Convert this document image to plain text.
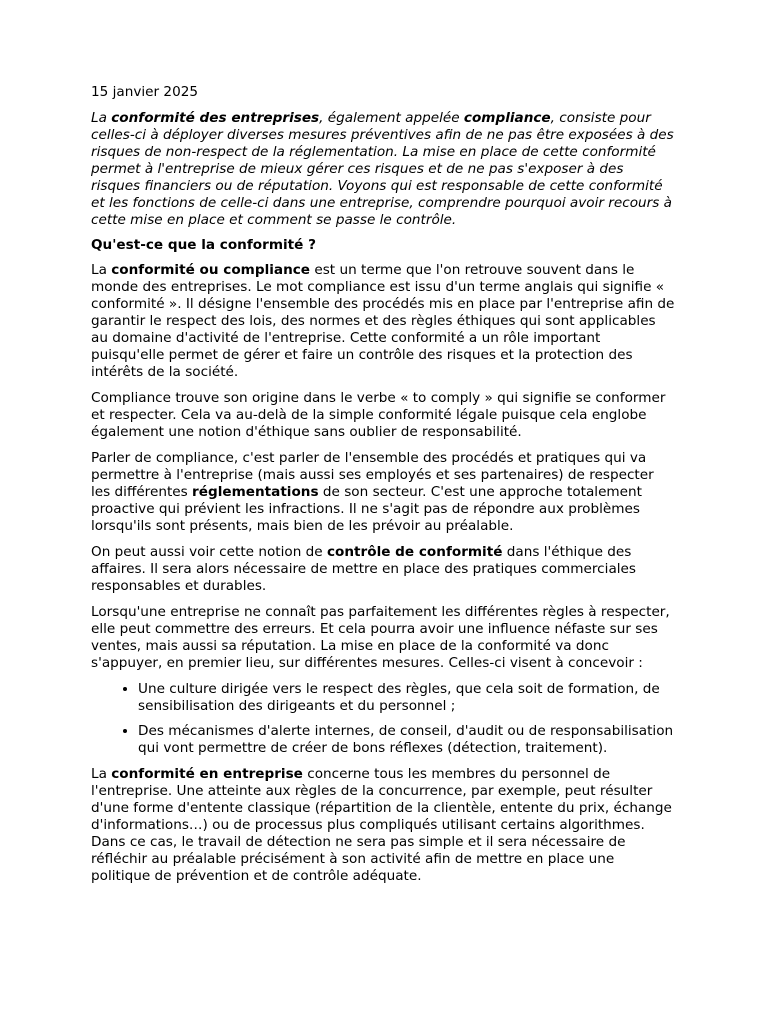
15 janvier 2025

La conformité des entreprises, également appelée compliance, consiste pour celles-ci à déployer diverses mesures préventives afin de ne pas être exposées à des risques de non-respect de la réglementation. La mise en place de cette conformité permet à l'entreprise de mieux gérer ces risques et de ne pas s'exposer à des risques financiers ou de réputation. Voyons qui est responsable de cette conformité et les fonctions de celle-ci dans une entreprise, comprendre pourquoi avoir recours à cette mise en place et comment se passe le contrôle.

Qu'est-ce que la conformité ?

La conformité ou compliance est un terme que l'on retrouve souvent dans le monde des entreprises. Le mot compliance est issu d'un terme anglais qui signifie « conformité ». Il désigne l'ensemble des procédés mis en place par l'entreprise afin de garantir le respect des lois, des normes et des règles éthiques qui sont applicables au domaine d'activité de l'entreprise. Cette conformité a un rôle important puisqu'elle permet de gérer et faire un contrôle des risques et la protection des intérêts de la société.

Compliance trouve son origine dans le verbe « to comply » qui signifie se conformer et respecter. Cela va au-delà de la simple conformité légale puisque cela englobe également une notion d'éthique sans oublier de responsabilité.

Parler de compliance, c'est parler de l'ensemble des procédés et pratiques qui va permettre à l'entreprise (mais aussi ses employés et ses partenaires) de respecter les différentes réglementations de son secteur. C'est une approche totalement proactive qui prévient les infractions. Il ne s'agit pas de répondre aux problèmes lorsqu'ils sont présents, mais bien de les prévoir au préalable.

On peut aussi voir cette notion de contrôle de conformité dans l'éthique des affaires. Il sera alors nécessaire de mettre en place des pratiques commerciales responsables et durables.

Lorsqu'une entreprise ne connaît pas parfaitement les différentes règles à respecter, elle peut commettre des erreurs. Et cela pourra avoir une influence néfaste sur ses ventes, mais aussi sa réputation. La mise en place de la conformité va donc s'appuyer, en premier lieu, sur différentes mesures. Celles-ci visent à concevoir :

• Une culture dirigée vers le respect des règles, que cela soit de formation, de sensibilisation des dirigeants et du personnel ;
• Des mécanismes d'alerte internes, de conseil, d'audit ou de responsabilisation qui vont permettre de créer de bons réflexes (détection, traitement).

La conformité en entreprise concerne tous les membres du personnel de l'entreprise. Une atteinte aux règles de la concurrence, par exemple, peut résulter d'une forme d'entente classique (répartition de la clientèle, entente du prix, échange d'informations…) ou de processus plus compliqués utilisant certains algorithmes. Dans ce cas, le travail de détection ne sera pas simple et il sera nécessaire de réfléchir au préalable précisément à son activité afin de mettre en place une politique de prévention et de contrôle adéquate.
